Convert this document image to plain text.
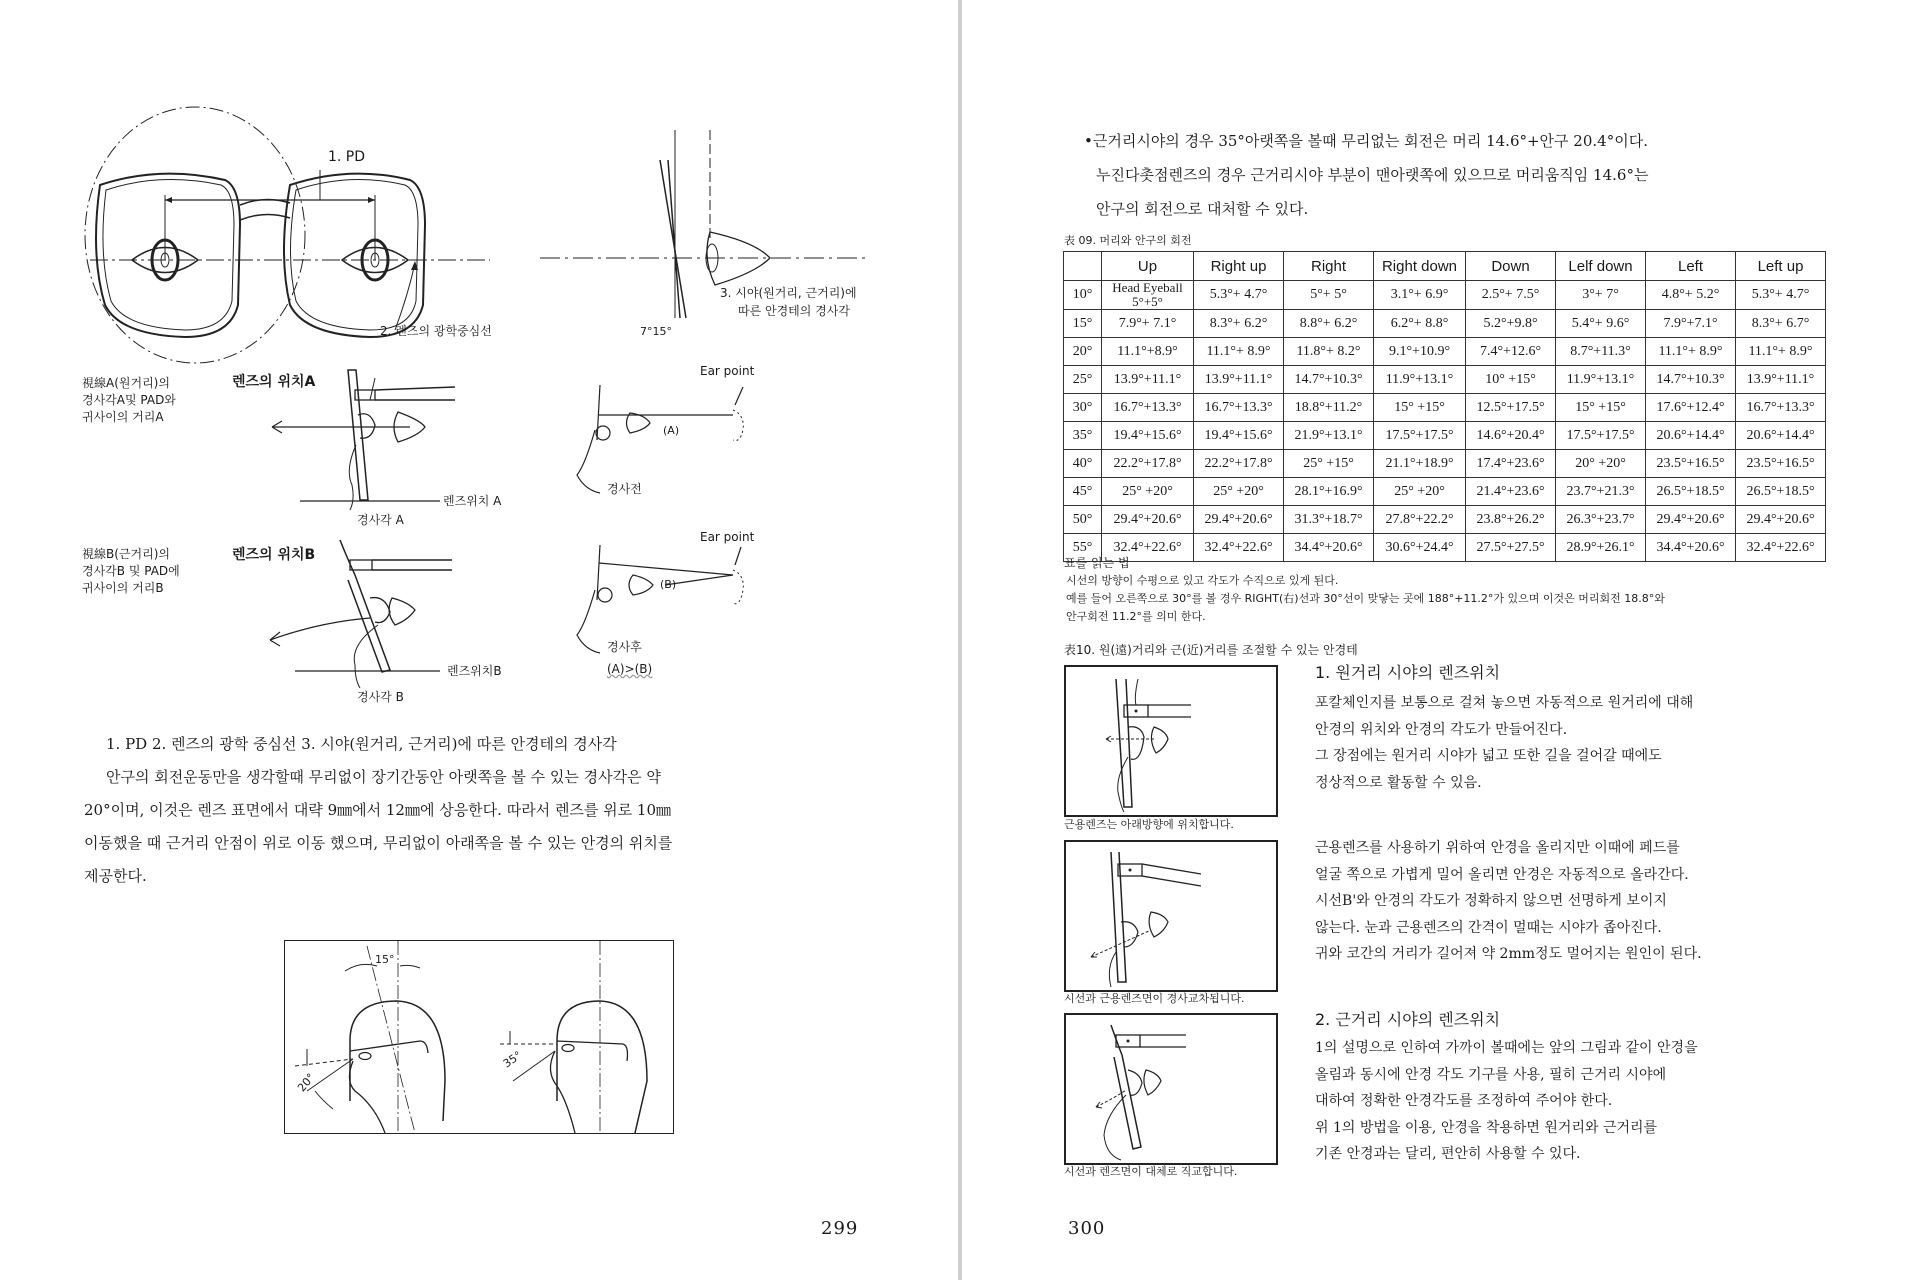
1. PD
2. 렌즈의 광학중심선	7°15°
3. 시야(원거리, 근거리)에
따른 안경테의 경사각
視線A(원거리)의
경사각A및 PAD와
귀사이의 거리A
렌즈의 위치A
렌즈위치 A
경사각 A
Ear point
(A)
경사전
視線B(근거리)의
경사각B 및 PAD에
귀사이의 거리B
렌즈의 위치B
렌즈위치B
경사각 B
Ear point
(B)
경사후
(A)>(B)
1. PD 2. 렌즈의 광학 중심선 3. 시야(원거리, 근거리)에 따른 안경테의 경사각
안구의 회전운동만을 생각할때 무리없이 장기간동안 아랫쪽을 볼 수 있는 경사각은 약
20°이며, 이것은 렌즈 표면에서 대략 9㎜에서 12㎜에 상응한다. 따라서 렌즈를 위로 10㎜
이동했을 때 근거리 안점이 위로 이동 했으며, 무리없이 아래쪽을 볼 수 있는 안경의 위치를
제공한다.
15°
20°
35°
299
•근거리시야의 경우 35°아랫쪽을 볼때 무리없는 회전은 머리 14.6°+안구 20.4°이다.
누진다촛점렌즈의 경우 근거리시야 부분이 맨아랫쪽에 있으므로 머리움직임 14.6°는
안구의 회전으로 대처할 수 있다.
表 09. 머리와 안구의 회전
	Up	Right up	Right	Right down	Down	Lelf down	Left	Left up
10°	Head Eyeball
5°+5°	5.3°+ 4.7°	5°+ 5°	3.1°+ 6.9°	2.5°+ 7.5°	3°+ 7°	4.8°+ 5.2°	5.3°+ 4.7°
15°	7.9°+ 7.1°	8.3°+ 6.2°	8.8°+ 6.2°	6.2°+ 8.8°	5.2°+9.8°	5.4°+ 9.6°	7.9°+7.1°	8.3°+ 6.7°
20°	11.1°+8.9°	11.1°+ 8.9°	11.8°+ 8.2°	9.1°+10.9°	7.4°+12.6°	8.7°+11.3°	11.1°+ 8.9°	11.1°+ 8.9°
25°	13.9°+11.1°	13.9°+11.1°	14.7°+10.3°	11.9°+13.1°	10° +15°	11.9°+13.1°	14.7°+10.3°	13.9°+11.1°
30°	16.7°+13.3°	16.7°+13.3°	18.8°+11.2°	15° +15°	12.5°+17.5°	15° +15°	17.6°+12.4°	16.7°+13.3°
35°	19.4°+15.6°	19.4°+15.6°	21.9°+13.1°	17.5°+17.5°	14.6°+20.4°	17.5°+17.5°	20.6°+14.4°	20.6°+14.4°
40°	22.2°+17.8°	22.2°+17.8°	25° +15°	21.1°+18.9°	17.4°+23.6°	20° +20°	23.5°+16.5°	23.5°+16.5°
45°	25° +20°	25° +20°	28.1°+16.9°	25° +20°	21.4°+23.6°	23.7°+21.3°	26.5°+18.5°	26.5°+18.5°
50°	29.4°+20.6°	29.4°+20.6°	31.3°+18.7°	27.8°+22.2°	23.8°+26.2°	26.3°+23.7°	29.4°+20.6°	29.4°+20.6°
55°	32.4°+22.6°	32.4°+22.6°	34.4°+20.6°	30.6°+24.4°	27.5°+27.5°	28.9°+26.1°	34.4°+20.6°	32.4°+22.6°
표를 읽는 법
시선의 방향이 수평으로 있고 각도가 수직으로 있게 된다.
예를 들어 오른쪽으로 30°를 볼 경우 RIGHT(右)선과 30°선이 맞닿는 곳에 188°+11.2°가 있으며 이것은 머리회전 18.8°와
안구회전 11.2°를 의미 한다.
表10. 원(遠)거리와 근(近)거리를 조절할 수 있는 안경테
근용렌즈는 아래방향에 위치합니다.
1. 원거리 시야의 렌즈위치
포칼체인지를 보통으로 걸쳐 놓으면 자동적으로 원거리에 대해
안경의 위치와 안경의 각도가 만들어진다.
그 장점에는 원거리 시야가 넓고 또한 길을 걸어갈 때에도
정상적으로 활동할 수 있음.
시선과 근용렌즈면이 경사교차됩니다.
근용렌즈를 사용하기 위하여 안경을 올리지만 이때에 페드를
얼굴 쪽으로 가볍게 밀어 올리면 안경은 자동적으로 올라간다.
시선B'와 안경의 각도가 정확하지 않으면 선명하게 보이지
않는다. 눈과 근용렌즈의 간격이 멀때는 시야가 좁아진다.
귀와 코간의 거리가 길어져 약 2mm정도 멀어지는 원인이 된다.
시선과 렌즈면이 대체로 직교합니다.
2. 근거리 시야의 렌즈위치
1의 설명으로 인하여 가까이 볼때에는 앞의 그림과 같이 안경을
올림과 동시에 안경 각도 기구를 사용, 필히 근거리 시야에
대하여 정확한 안경각도를 조정하여 주어야 한다.
위 1의 방법을 이용, 안경을 착용하면 원거리와 근거리를
기존 안경과는 달리, 편안히 사용할 수 있다.
300
